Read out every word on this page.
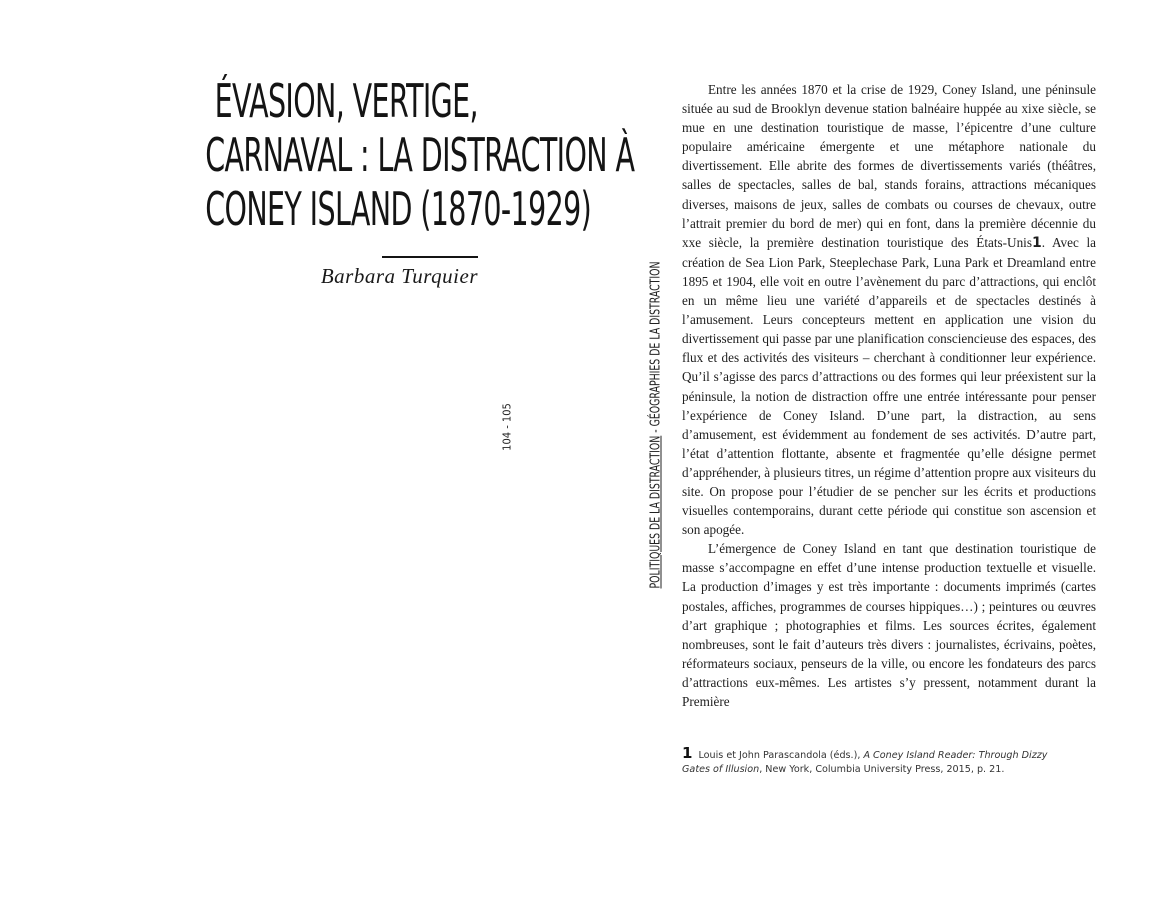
ÉVASION, VERTIGE,
CARNAVAL : LA DISTRACTION À
CONEY ISLAND (1870-1929)
Barbara Turquier
104 - 105
POLITIQUES DE LA DISTRACTION - GÉOGRAPHIES DE LA DISTRACTION

Entre les années 1870 et la crise de 1929, Coney Island, une péninsule située au sud de Brooklyn devenue station balnéaire huppée au xixe siècle, se mue en une destination touristique de masse, l’épicentre d’une culture populaire américaine émergente et une métaphore nationale du divertissement. Elle abrite des formes de divertissements variés (théâtres, salles de spectacles, salles de bal, stands forains, attractions mécaniques diverses, maisons de jeux, salles de combats ou courses de chevaux, outre l’attrait premier du bord de mer) qui en font, dans la première décennie du xxe siècle, la première destination touristique des États-Unis1. Avec la création de Sea Lion Park, Steeplechase Park, Luna Park et Dreamland entre 1895 et 1904, elle voit en outre l’avènement du parc d’attractions, qui enclôt en un même lieu une variété d’appareils et de spectacles destinés à l’amusement. Leurs concepteurs mettent en application une vision du divertissement qui passe par une planification consciencieuse des espaces, des flux et des activités des visiteurs – cherchant à conditionner leur expérience. Qu’il s’agisse des parcs d’attractions ou des formes qui leur préexistent sur la péninsule, la notion de distraction offre une entrée intéressante pour penser l’expérience de Coney Island. D’une part, la distraction, au sens d’amusement, est évidemment au fondement de ses activités. D’autre part, l’état d’attention flottante, absente et fragmentée qu’elle désigne permet d’appréhender, à plusieurs titres, un régime d’attention propre aux visiteurs du site. On propose pour l’étudier de se pencher sur les écrits et productions visuelles contemporains, durant cette période qui constitue son ascension et son apogée.

L’émergence de Coney Island en tant que destination touristique de masse s’accompagne en effet d’une intense production textuelle et visuelle. La production d’images y est très importante : documents imprimés (cartes postales, affiches, programmes de courses hippiques…) ; peintures ou œuvres d’art graphique ; photographies et films. Les sources écrites, également nombreuses, sont le fait d’auteurs très divers : journalistes, écrivains, poètes, réformateurs sociaux, penseurs de la ville, ou encore les fondateurs des parcs d’attractions eux-mêmes. Les artistes s’y pressent, notamment durant la Première

1 Louis et John Parascandola (éds.), A Coney Island Reader: Through Dizzy Gates of Illusion, New York, Columbia University Press, 2015, p. 21.
